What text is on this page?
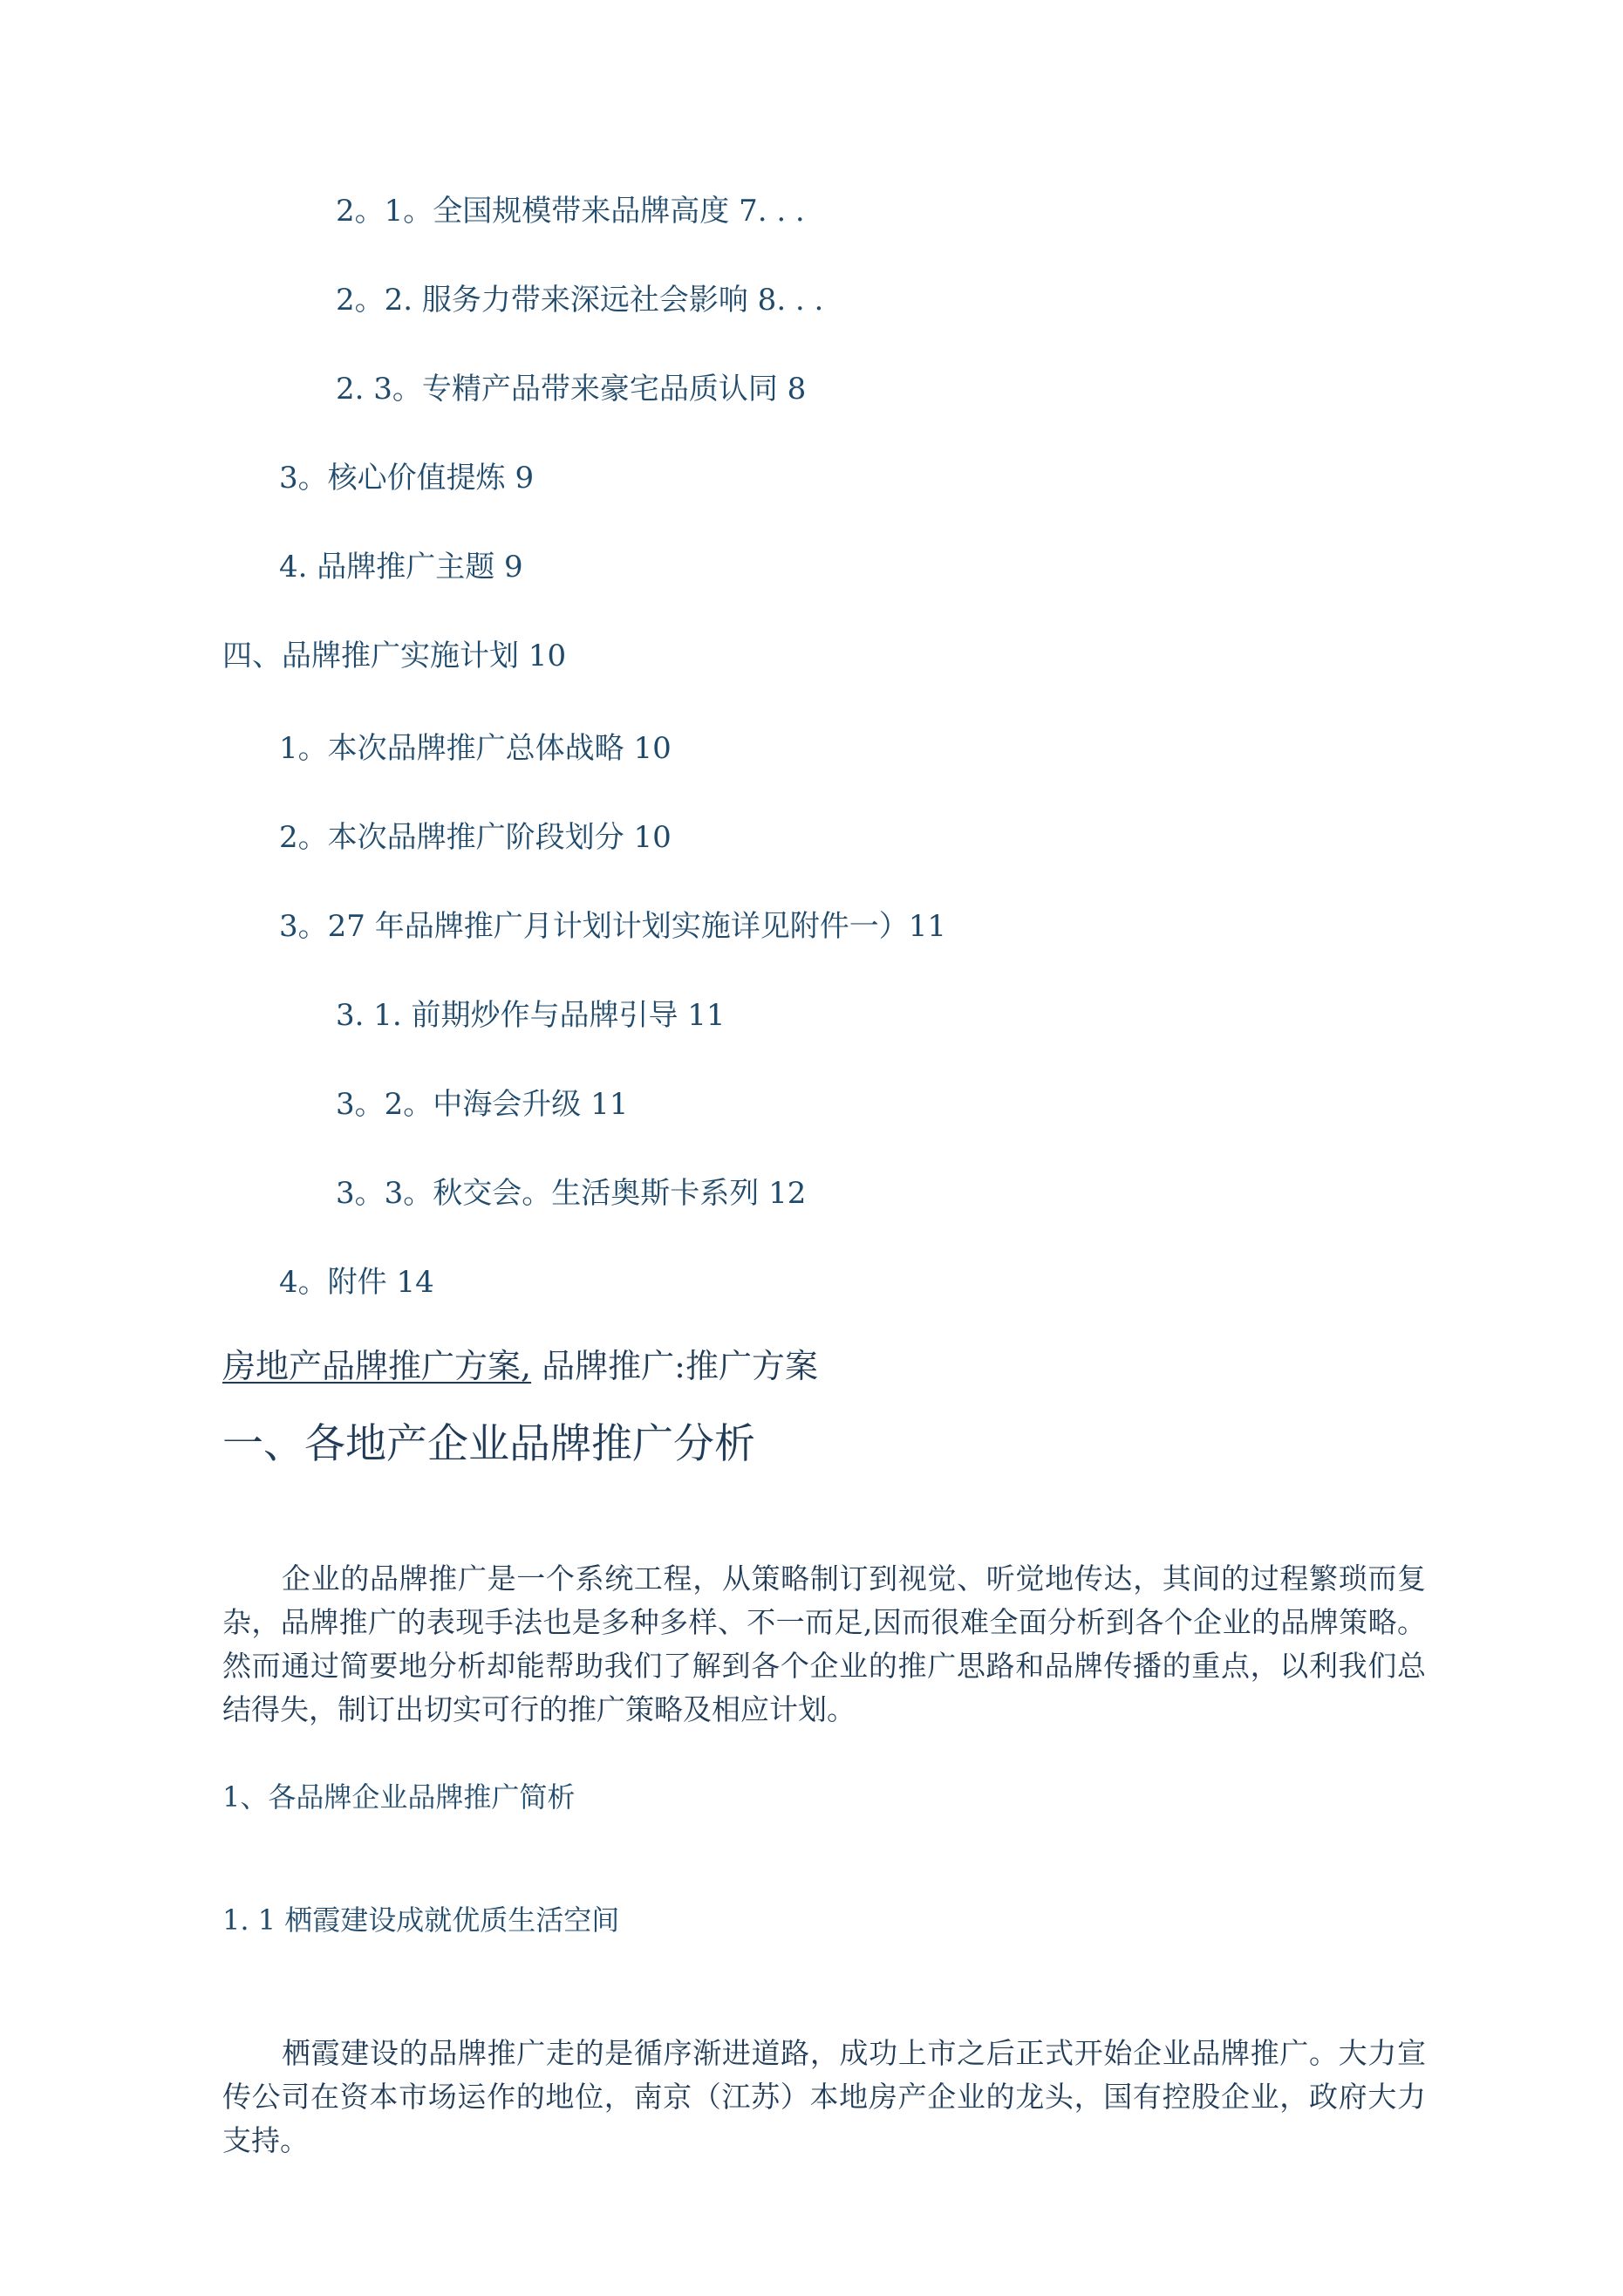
2。1。全国规模带来品牌高度 7. . .
2。2. 服务力带来深远社会影响 8. . .
2. 3。专精产品带来豪宅品质认同 8
3。核心价值提炼 9
4. 品牌推广主题 9
四、品牌推广实施计划 10
1。本次品牌推广总体战略 10
2。本次品牌推广阶段划分 10
3。27 年品牌推广月计划计划实施详见附件一）11
3. 1. 前期炒作与品牌引导 11
3。2。中海会升级 11
3。3。秋交会。生活奥斯卡系列 12
4。附件 14
房地产品牌推广方案, 品牌推广:推广方案
一、各地产企业品牌推广分析

企业的品牌推广是一个系统工程，从策略制订到视觉、听觉地传达，其间的过程繁琐而复杂，品牌推广的表现手法也是多种多样、不一而足,因而很难全面分析到各个企业的品牌策略。然而通过简要地分析却能帮助我们了解到各个企业的推广思路和品牌传播的重点，以利我们总结得失，制订出切实可行的推广策略及相应计划。

1、各品牌企业品牌推广简析
1. 1 栖霞建设成就优质生活空间

栖霞建设的品牌推广走的是循序渐进道路，成功上市之后正式开始企业品牌推广。大力宣传公司在资本市场运作的地位，南京（江苏）本地房产企业的龙头，国有控股企业，政府大力支持。
